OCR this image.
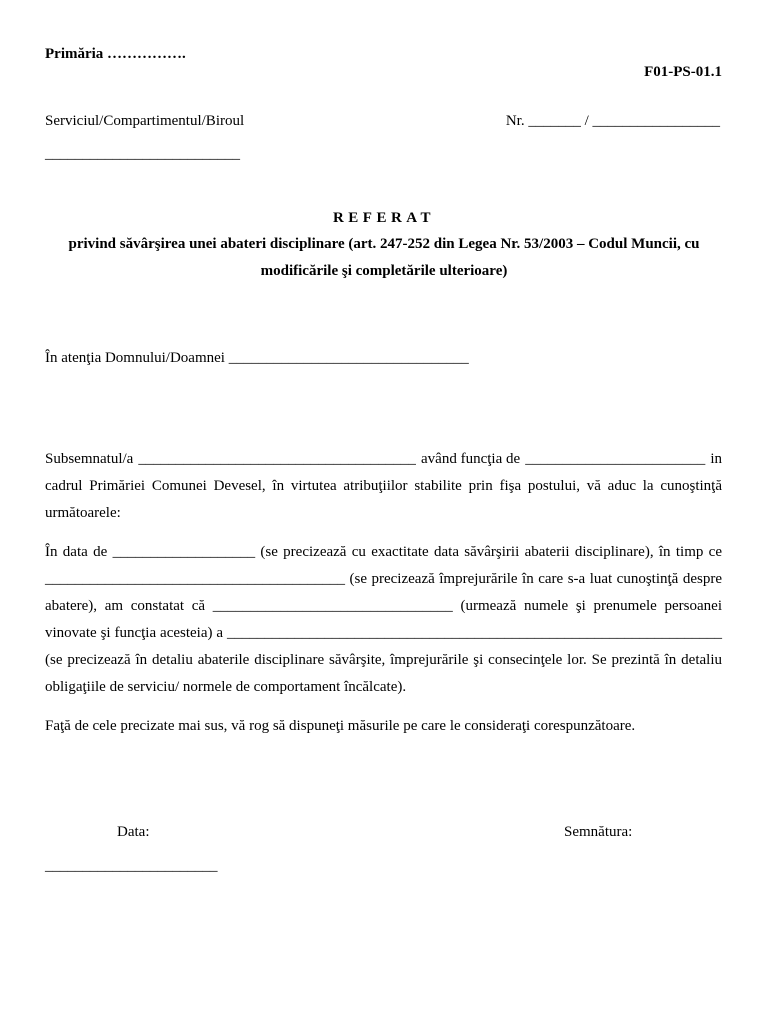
Primăria …………….
F01-PS-01.1
Serviciul/Compartimentul/Biroul	Nr. _______ / _________________
__________________________
REFERAT
privind săvârşirea unei abateri disciplinare (art. 247-252 din Legea Nr. 53/2003 – Codul Muncii, cu
modificările şi completările ulterioare)
În atenţia Domnului/Doamnei ________________________________
Subsemnatul/a _____________________________________ având funcţia de ________________________ in
cadrul Primăriei Comunei Devesel, în virtutea atribuţiilor stabilite prin fişa postului, vă aduc la cunoştinţă următoarele:
În data de ___________________ (se precizează cu exactitate data săvârşirii abaterii disciplinare), în timp ce ________________________________________ (se precizează împrejurările în care s-a luat cunoştinţă despre abatere), am constatat că ________________________________ (urmează numele şi prenumele persoanei vinovate şi funcţia acesteia) a __________________________________________________________________ (se precizează în detaliu abaterile disciplinare săvârşite, împrejurările şi consecinţele lor. Se prezintă în detaliu obligaţiile de serviciu/ normele de comportament încălcate).
Faţă de cele precizate mai sus, vă rog să dispuneţi măsurile pe care le consideraţi corespunzătoare.
Data:	Semnătura:
_______________________
